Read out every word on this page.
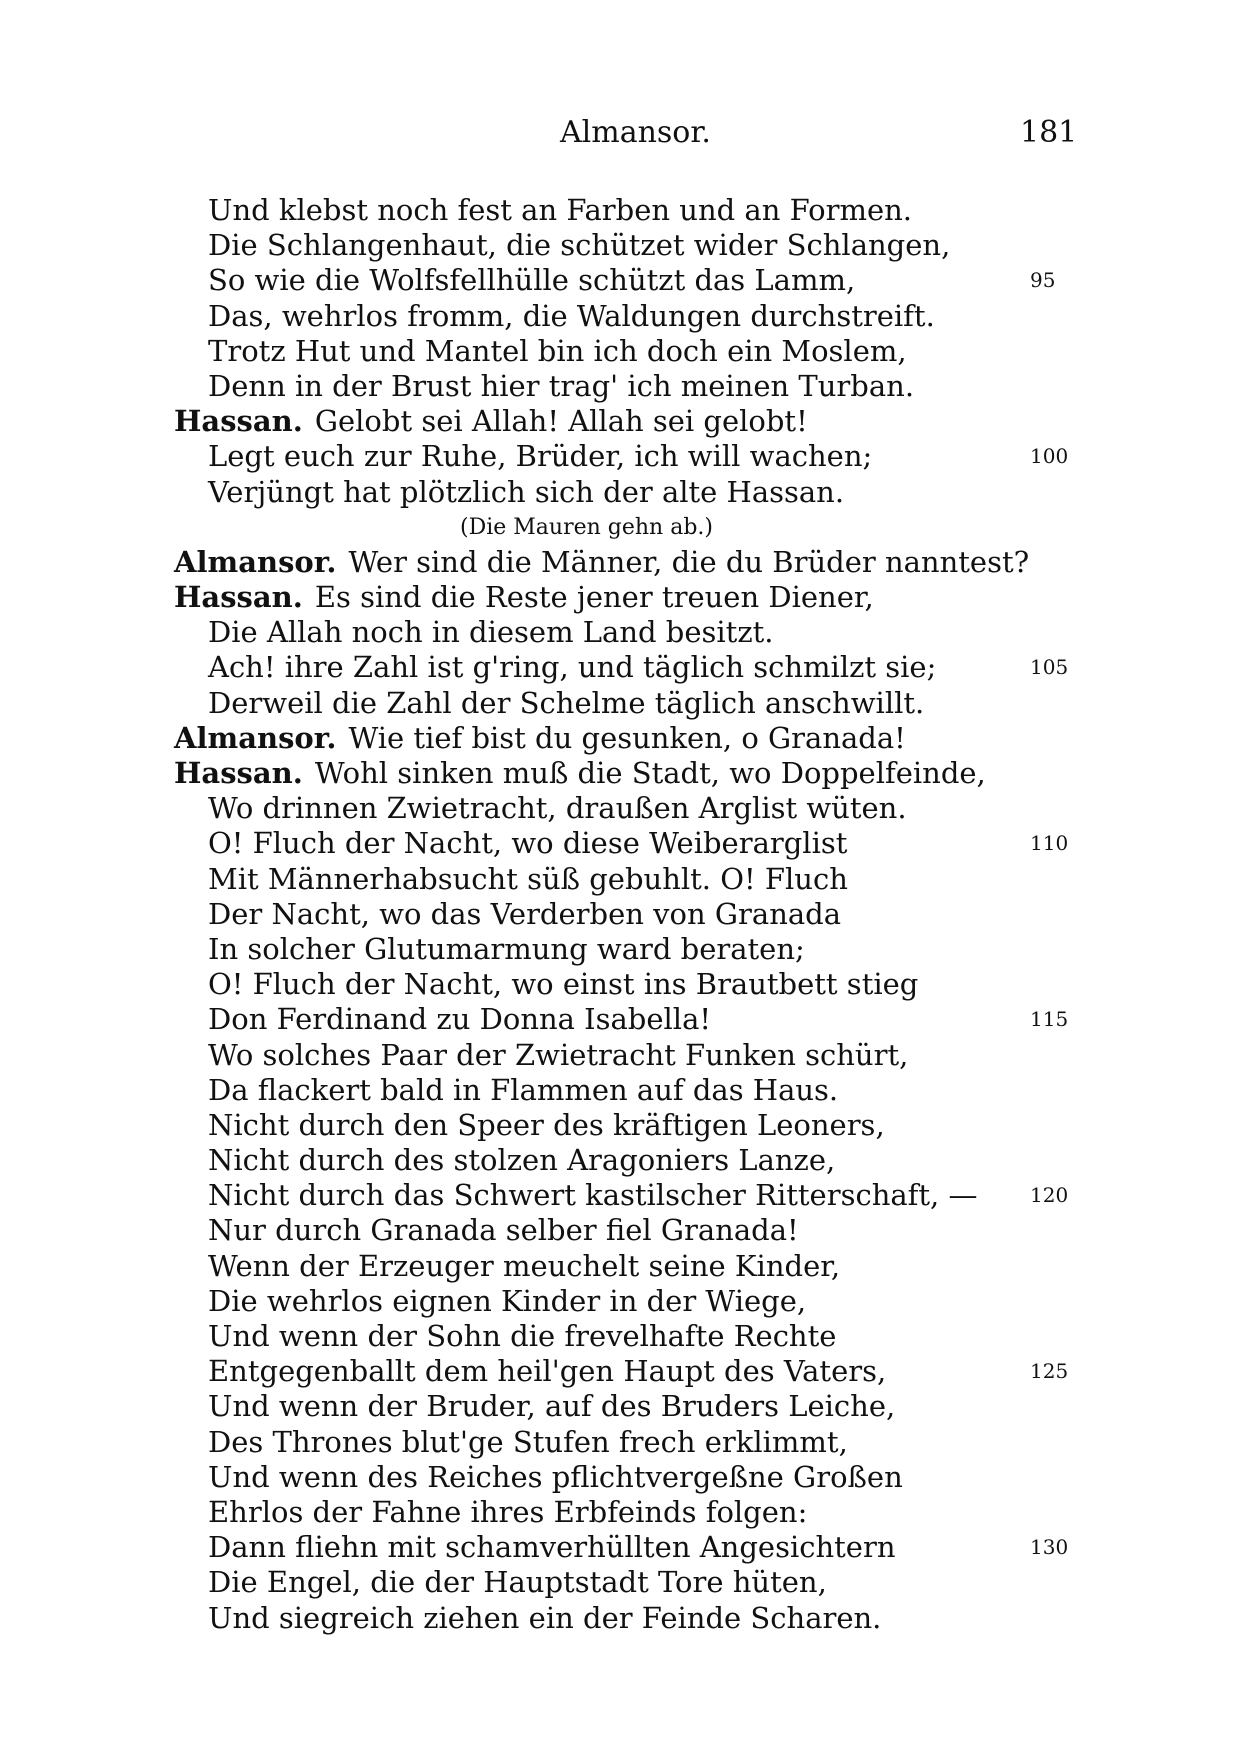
Almansor.	181
Und klebst noch fest an Farben und an Formen.
Die Schlangenhaut, die schützet wider Schlangen,
So wie die Wolfsfellhülle schützt das Lamm,	95
Das, wehrlos fromm, die Waldungen durchstreift.
Trotz Hut und Mantel bin ich doch ein Moslem,
Denn in der Brust hier trag' ich meinen Turban.
Hassan. Gelobt sei Allah! Allah sei gelobt!
Legt euch zur Ruhe, Brüder, ich will wachen;	100
Verjüngt hat plötzlich sich der alte Hassan.
(Die Mauren gehn ab.)
Almansor. Wer sind die Männer, die du Brüder nanntest?
Hassan. Es sind die Reste jener treuen Diener,
Die Allah noch in diesem Land besitzt.
Ach! ihre Zahl ist g'ring, und täglich schmilzt sie;	105
Derweil die Zahl der Schelme täglich anschwillt.
Almansor. Wie tief bist du gesunken, o Granada!
Hassan. Wohl sinken muß die Stadt, wo Doppelfeinde,
Wo drinnen Zwietracht, draußen Arglist wüten.
O! Fluch der Nacht, wo diese Weiberarglist	110
Mit Männerhabsucht süß gebuhlt. O! Fluch
Der Nacht, wo das Verderben von Granada
In solcher Glutumarmung ward beraten;
O! Fluch der Nacht, wo einst ins Brautbett stieg
Don Ferdinand zu Donna Isabella!	115
Wo solches Paar der Zwietracht Funken schürt,
Da flackert bald in Flammen auf das Haus.
Nicht durch den Speer des kräftigen Leoners,
Nicht durch des stolzen Aragoniers Lanze,
Nicht durch das Schwert kastilscher Ritterschaft, —	120
Nur durch Granada selber fiel Granada!
Wenn der Erzeuger meuchelt seine Kinder,
Die wehrlos eignen Kinder in der Wiege,
Und wenn der Sohn die frevelhafte Rechte
Entgegenballt dem heil'gen Haupt des Vaters,	125
Und wenn der Bruder, auf des Bruders Leiche,
Des Thrones blut'ge Stufen frech erklimmt,
Und wenn des Reiches pflichtvergeßne Großen
Ehrlos der Fahne ihres Erbfeinds folgen:
Dann fliehn mit schamverhüllten Angesichtern	130
Die Engel, die der Hauptstadt Tore hüten,
Und siegreich ziehen ein der Feinde Scharen.
